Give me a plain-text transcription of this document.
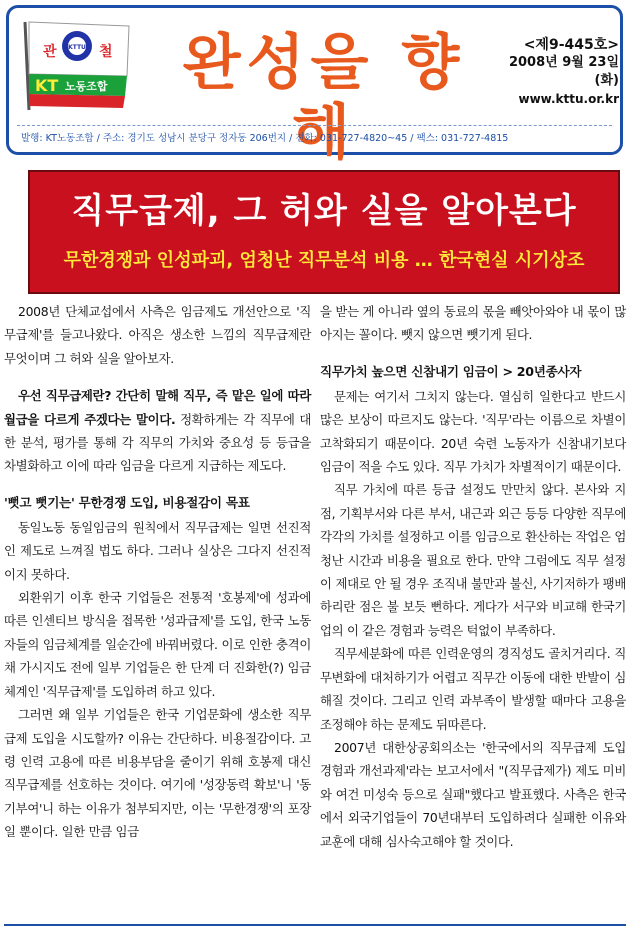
KTTU
관	철
KT 노동조합	완성을 향해
<제9-445호>
2008년 9월 23일(화)
www.kttu.or.kr
발행: KT노동조합 / 주소: 경기도 성남시 분당구 정자동 206번지 / 전화: 031-727-4820~45 / 팩스: 031-727-4815
직무급제, 그 허와 실을 알아본다
무한경쟁과 인성파괴, 엄청난 직무분석 비용 … 한국현실 시기상조

2008년 단체교섭에서 사측은 임금제도 개선안으로 '직무급제'를 들고나왔다. 아직은 생소한 느낌의 직무급제란 무엇이며 그 허와 실을 알아보자.

우선 직무급제란? 간단히 말해 직무, 즉 맡은 일에 따라 월급을 다르게 주겠다는 말이다. 정확하게는 각 직무에 대한 분석, 평가를 통해 각 직무의 가치와 중요성 등 등급을 차별화하고 이에 따라 임금을 다르게 지급하는 제도다.

'뻣고 뻣기는' 무한경쟁 도입, 비용절감이 목표

동일노동 동일임금의 원칙에서 직무급제는 일면 선진적인 제도로 느껴질 법도 하다. 그러나 실상은 그다지 선진적이지 못하다.

외환위기 이후 한국 기업들은 전통적 '호봉제'에 성과에 따른 인센티브 방식을 접목한 '성과급제'를 도입, 한국 노동자들의 임금체계를 일순간에 바꿔버렸다. 이로 인한 충격이 채 가시지도 전에 일부 기업들은 한 단계 더 진화한(?) 임금체계인 '직무급제'를 도입하려 하고 있다.

그러면 왜 일부 기업들은 한국 기업문화에 생소한 직무급제 도입을 시도할까? 이유는 간단하다. 비용절감이다. 고령 인력 고용에 따른 비용부담을 줄이기 위해 호봉제 대신 직무급제를 선호하는 것이다. 여기에 '성장동력 확보'니 '동기부여'니 하는 이유가 첨부되지만, 이는 '무한경쟁'의 포장일 뿐이다. 일한 만큼 임금

을 받는 게 아니라 옆의 동료의 몫을 빼앗아와야 내 몫이 많아지는 꼴이다. 뺏지 않으면 뺏기게 된다.

직무가치 높으면 신참내기 임금이 > 20년종사자

문제는 여기서 그치지 않는다. 열심히 일한다고 반드시 많은 보상이 따르지도 않는다. '직무'라는 이름으로 차별이 고착화되기 때문이다. 20년 숙련 노동자가 신참내기보다 임금이 적을 수도 있다. 직무 가치가 차별적이기 때문이다.

직무 가치에 따른 등급 설정도 만만치 않다. 본사와 지점, 기획부서와 다른 부서, 내근과 외근 등등 다양한 직무에 각각의 가치를 설정하고 이를 임금으로 환산하는 작업은 엄청난 시간과 비용을 필요로 한다. 만약 그럼에도 직무 설정이 제대로 안 될 경우 조직내 불만과 불신, 사기저하가 팽배하리란 점은 불 보듯 뻔하다. 게다가 서구와 비교해 한국기업의 이 같은 경험과 능력은 턱없이 부족하다.

직무세분화에 따른 인력운영의 경직성도 골치거리다. 직무변화에 대처하기가 어렵고 직무간 이동에 대한 반발이 심해질 것이다. 그리고 인력 과부족이 발생할 때마다 고용을 조정해야 하는 문제도 뒤따른다.

2007년 대한상공회의소는 '한국에서의 직무급제 도입 경험과 개선과제'라는 보고서에서 "(직무급제가) 제도 미비와 여건 미성숙 등으로 실패"했다고 발표했다. 사측은 한국에서 외국기업들이 70년대부터 도입하려다 실패한 이유와 교훈에 대해 심사숙고해야 할 것이다.
